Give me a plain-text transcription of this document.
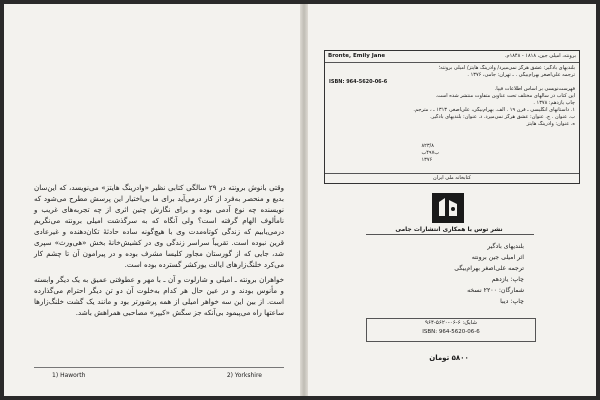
وقتی بانوش برونته در ۲۹ سالگی کتابی نظیر «وادرینگ هایتز» می‌نویسد، که این‌سان بدیع و منحصر به‌فرد از کار درمی‌آید برای ما بی‌اختیار این پرسش مطرح می‌شود که نویسنده چه نوع آدمی بوده و برای نگارش چنین اثری از چه تجربه‌های غریب و نامألوف الهام گرفته است؟ ولی آنگاه که به سرگذشت امیلی برونته می‌نگریم درمی‌یابیم که زندگی کوتاه‌مدت وی با هیچ‌گونه ساده حادثهٔ تکان‌دهنده و غیرعادی قرین نبوده است. تقریباً سراسر زندگی وی در کشیش‌خانهٔ بخش «هی‌ورث» سپری شد، جایی که از گورستان مجاور کلیسا مشرف بوده و در پیرامون آن تا چشم کار می‌کرد خلنگ‌زارهای ایالت یورکشر گسترده بوده است.

خواهران برونته ـ امیلی و شارلوت و آن ـ با مهر و عطوفتی عمیق به یک دیگر وابسته و مأنوس بودند و در عین حال هر کدام به‌خلوت آن دو تن دیگر احترام می‌گذارده است. از بین این سه خواهر امیلی از همه پرشورتر بود و مانند یک گشت خلنگ‌زارها ساعتها راه می‌پیمود بی‌آنکه جز سگش «کیپر» مصاحبی همراهش باشد.

1) Haworth	2) Yorkshire
Bronte, Emily Jane	برونته، امیلی جین، ۱۸۱۸ - ۱۸۴۸م.
بلندیهای بادگیر: عشق هرگز نمی‌میرد/ وادرینگ هایتز/ امیلی برونته؛
ترجمه علی‌اصغر بهرام‌بیگی . ـ تهران: جامی، ۱۳۷۶ .
ISBN: 964-5620-06-6
فهرست‌نویسی بر اساس اطلاعات فیپا.
این کتاب در سالهای مختلف تحت عناوین متفاوت منتشر شده است.
چاپ یازدهم: ۱۳۷۸ .
۱. داستانهای انگلیسی ـ قرن ۱۹ . الف. بهرام‌بیگی، علی‌اصغر، ۱۳۱۳ ـ ، مترجم.
ب. عنوان . ج. عنوان: عشق هرگز نمی‌میرد. د. عنوان: بلندیهای بادگیر.
ه. عنوان: وادرینگ هایتز
۸۲۳/۸
ب۴۹۷ب
۱۳۷۶
کتابخانه ملی ایران
نشر توس با همکاری انتشارات جامی
بلندیهای بادگیر
اثر امیلی جین برونته
ترجمه علی‌اصغر بهرام‌بیگی
چاپ: یازدهم
شمارگان: ۲۲۰۰ نسخه
چاپ: دیبا
شابک: ۶-۰۶-۵۶۲۰-۹۶۴
ISBN: 964-5620-06-6
۵۸۰۰ تومان
